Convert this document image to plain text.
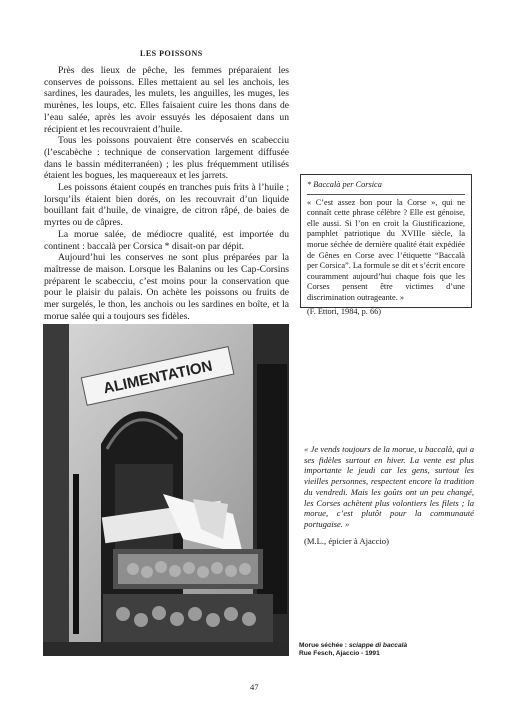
LES POISSONS

Près des lieux de pêche, les femmes préparaient les conserves de poissons. Elles mettaient au sel les anchois, les sardines, les daurades, les mulets, les anguilles, les muges, les murènes, les loups, etc. Elles faisaient cuire les thons dans de l’eau salée, après les avoir essuyés les déposaient dans un récipient et les recouvraient d’huile.

Tous les poissons pouvaient être conservés en scabecciu (l’escabèche : technique de conservation largement diffusée dans le bassin méditerranéen) ; les plus fréquemment utilisés étaient les bogues, les maquereaux et les jarrets.

Les poissons étaient coupés en tranches puis frits à l’huile ; lorsqu’ils étaient bien dorés, on les recouvrait d’un liquide bouillant fait d’huile, de vinaigre, de citron râpé, de baies de myrtes ou de câpres.

La morue salée, de médiocre qualité, est importée du continent : baccalà per Corsica * disait-on par dépit.

Aujourd’hui les conserves ne sont plus préparées par la maîtresse de maison. Lorsque les Balanins ou les Cap-Corsins préparent le scabecciu, c’est moins pour la conservation que pour le plaisir du palais. On achète les poissons ou fruits de mer surgelés, le thon, les anchois ou les sardines en boîte, et la morue salée qui a toujours ses fidèles.

* Baccalà per Corsica

« C’est assez bon pour la Corse », qui ne connaît cette phrase célèbre ? Elle est génoise, elle aussi. Si l’on en croit la Giustificazione, pamphlet patriotique du XVIIIe siècle, la morue séchée de dernière qualité était expédiée de Gênes en Corse avec l’étiquette “Baccalà per Corsica”. La formule se dit et s’écrit encore couramment aujourd’hui chaque fois que les Corses pensent être victimes d’une discrimination outrageante. »

(F. Ettori, 1984, p. 66)

ALIMENTATION

« Je vends toujours de la morue, u baccalà, qui a ses fidèles surtout en hiver. La vente est plus importante le jeudi car les gens, surtout les vieilles personnes, respectent encore la tradition du vendredi. Mais les goûts ont un peu changé, les Corses achètent plus volontiers les filets ; la morue, c’est plutôt pour la communauté portugaise. »

(M.L., épicier à Ajaccio)

Morue séchée : sciappe di baccalà
Rue Fesch, Ajaccio - 1991
47
